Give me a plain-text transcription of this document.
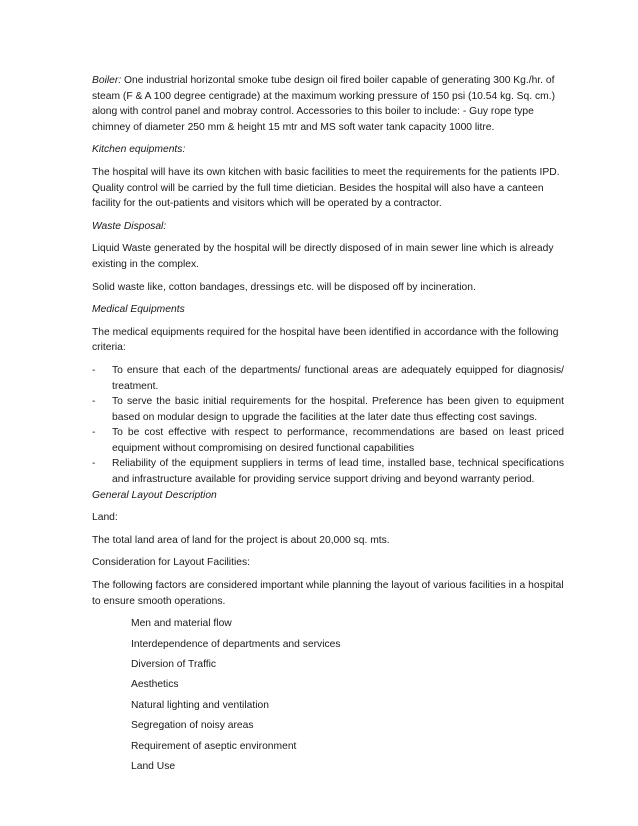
Boiler: One industrial horizontal smoke tube design oil fired boiler capable of generating 300 Kg./hr. of steam (F & A 100 degree centigrade) at the maximum working pressure of 150 psi (10.54 kg. Sq. cm.) along with control panel and mobray control. Accessories to this boiler to include: - Guy rope type chimney of diameter 250 mm & height 15 mtr and MS soft water tank capacity 1000 litre.

Kitchen equipments:

The hospital will have its own kitchen with basic facilities to meet the requirements for the patients IPD. Quality control will be carried by the full time dietician. Besides the hospital will also have a canteen facility for the out-patients and visitors which will be operated by a contractor.

Waste Disposal:

Liquid Waste generated by the hospital will be directly disposed of in main sewer line which is already existing in the complex.

Solid waste like, cotton bandages, dressings etc. will be disposed off by incineration.

Medical Equipments

The medical equipments required for the hospital have been identified in accordance with the following criteria:

- To ensure that each of the departments/ functional areas are adequately equipped for diagnosis/ treatment.
- To serve the basic initial requirements for the hospital. Preference has been given to equipment based on modular design to upgrade the facilities at the later date thus effecting cost savings.
- To be cost effective with respect to performance, recommendations are based on least priced equipment without compromising on desired functional capabilities
- Reliability of the equipment suppliers in terms of lead time, installed base, technical specifications and infrastructure available for providing service support driving and beyond warranty period.

General Layout Description

Land:

The total land area of land for the project is about 20,000 sq. mts.

Consideration for Layout Facilities:

The following factors are considered important while planning the layout of various facilities in a hospital to ensure smooth operations.

Men and material flow

Interdependence of departments and services

Diversion of Traffic

Aesthetics

Natural lighting and ventilation

Segregation of noisy areas

Requirement of aseptic environment

Land Use
